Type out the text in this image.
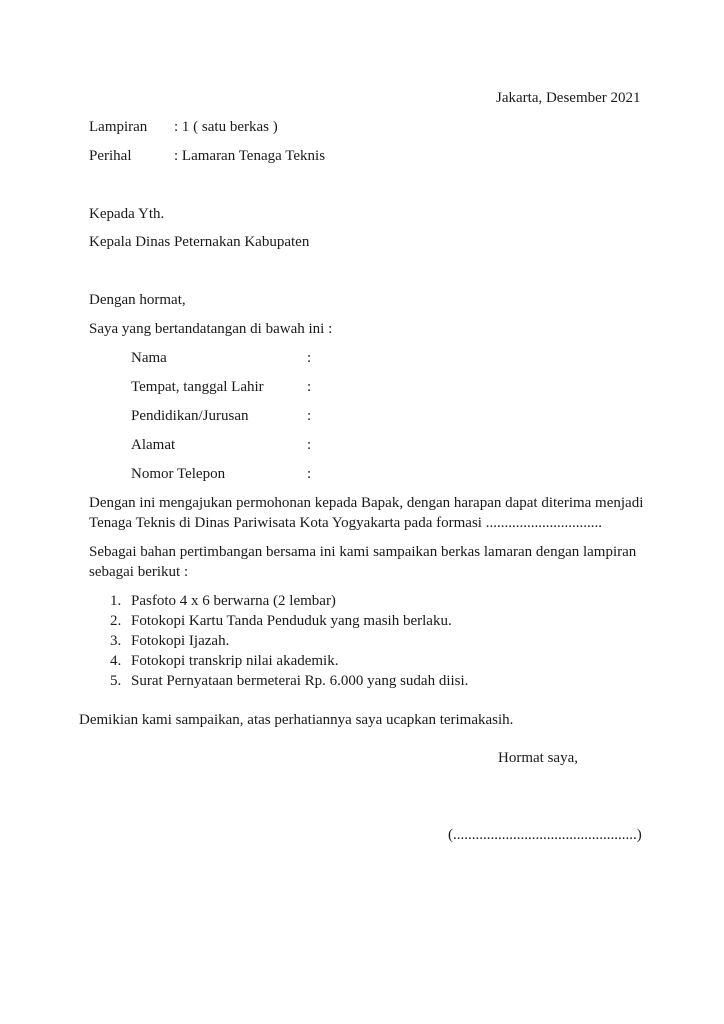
Jakarta, Desember 2021
Lampiran : 1 ( satu berkas )
Perihal	: Lamaran Tenaga Teknis
Kepada Yth.
Kepala Dinas Peternakan Kabupaten
Dengan hormat,
Saya yang bertandatangan di bawah ini :
Nama	:
Tempat, tanggal Lahir	:
Pendidikan/Jurusan	:
Alamat	:
Nomor Telepon	:
Dengan ini mengajukan permohonan kepada Bapak, dengan harapan dapat diterima menjadi
Tenaga Teknis di Dinas Pariwisata Kota Yogyakarta pada formasi ...............................
Sebagai bahan pertimbangan bersama ini kami sampaikan berkas lamaran dengan lampiran
sebagai berikut :
1. Pasfoto 4 x 6 berwarna (2 lembar)
2. Fotokopi Kartu Tanda Penduduk yang masih berlaku.
3. Fotokopi Ijazah.
4. Fotokopi transkrip nilai akademik.
5. Surat Pernyataan bermeterai Rp. 6.000 yang sudah diisi.
Demikian kami sampaikan, atas perhatiannya saya ucapkan terimakasih.
Hormat saya,
(.................................................)
